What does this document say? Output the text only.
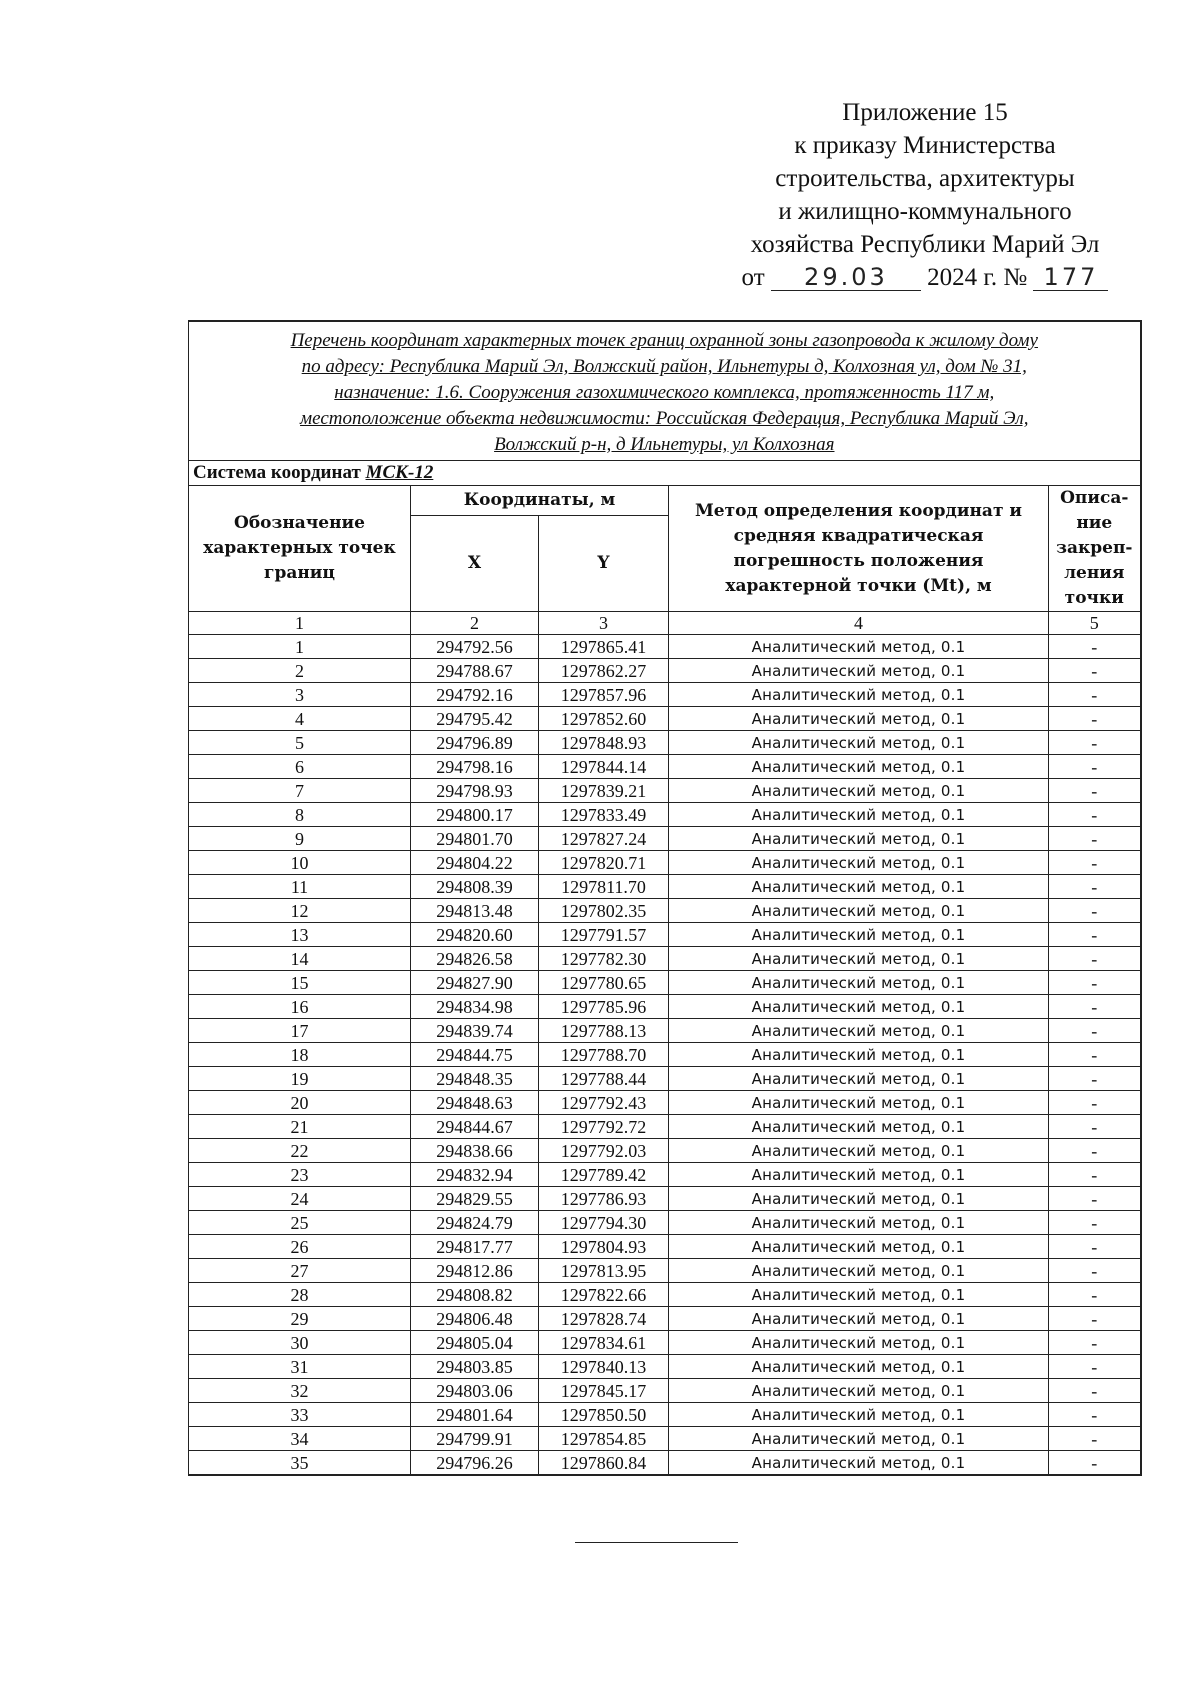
Приложение 15
к приказу Министерства
строительства, архитектуры
и жилищно-коммунального
хозяйства Республики Марий Эл
от 29.03 2024 г. № 177
Перечень координат характерных точек границ охранной зоны газопровода к жилому дому
по адресу: Республика Марий Эл, Волжский район, Ильнетуры д, Колхозная ул, дом № 31,
назначение: 1.6. Сооружения газохимического комплекса, протяженность 117 м,
местоположение объекта недвижимости: Российская Федерация, Республика Марий Эл,
Волжский р-н, д Ильнетуры, ул Колхозная				

Система координат МСК-12				
Обозначение характерных точек границ	Координаты, м		Метод определения координат и средняя квадратическая погрешность положения характерной точки (Mt), м	Описа-ние закреп-ления точки
	X	Y		
1	2	3	4	5
1	294792.56	1297865.41	Аналитический метод, 0.1	-
2	294788.67	1297862.27	Аналитический метод, 0.1	-
3	294792.16	1297857.96	Аналитический метод, 0.1	-
4	294795.42	1297852.60	Аналитический метод, 0.1	-
5	294796.89	1297848.93	Аналитический метод, 0.1	-
6	294798.16	1297844.14	Аналитический метод, 0.1	-
7	294798.93	1297839.21	Аналитический метод, 0.1	-
8	294800.17	1297833.49	Аналитический метод, 0.1	-
9	294801.70	1297827.24	Аналитический метод, 0.1	-
10	294804.22	1297820.71	Аналитический метод, 0.1	-
11	294808.39	1297811.70	Аналитический метод, 0.1	-
12	294813.48	1297802.35	Аналитический метод, 0.1	-
13	294820.60	1297791.57	Аналитический метод, 0.1	-
14	294826.58	1297782.30	Аналитический метод, 0.1	-
15	294827.90	1297780.65	Аналитический метод, 0.1	-
16	294834.98	1297785.96	Аналитический метод, 0.1	-
17	294839.74	1297788.13	Аналитический метод, 0.1	-
18	294844.75	1297788.70	Аналитический метод, 0.1	-
19	294848.35	1297788.44	Аналитический метод, 0.1	-
20	294848.63	1297792.43	Аналитический метод, 0.1	-
21	294844.67	1297792.72	Аналитический метод, 0.1	-
22	294838.66	1297792.03	Аналитический метод, 0.1	-
23	294832.94	1297789.42	Аналитический метод, 0.1	-
24	294829.55	1297786.93	Аналитический метод, 0.1	-
25	294824.79	1297794.30	Аналитический метод, 0.1	-
26	294817.77	1297804.93	Аналитический метод, 0.1	-
27	294812.86	1297813.95	Аналитический метод, 0.1	-
28	294808.82	1297822.66	Аналитический метод, 0.1	-
29	294806.48	1297828.74	Аналитический метод, 0.1	-
30	294805.04	1297834.61	Аналитический метод, 0.1	-
31	294803.85	1297840.13	Аналитический метод, 0.1	-
32	294803.06	1297845.17	Аналитический метод, 0.1	-
33	294801.64	1297850.50	Аналитический метод, 0.1	-
34	294799.91	1297854.85	Аналитический метод, 0.1	-
35	294796.26	1297860.84	Аналитический метод, 0.1	-
